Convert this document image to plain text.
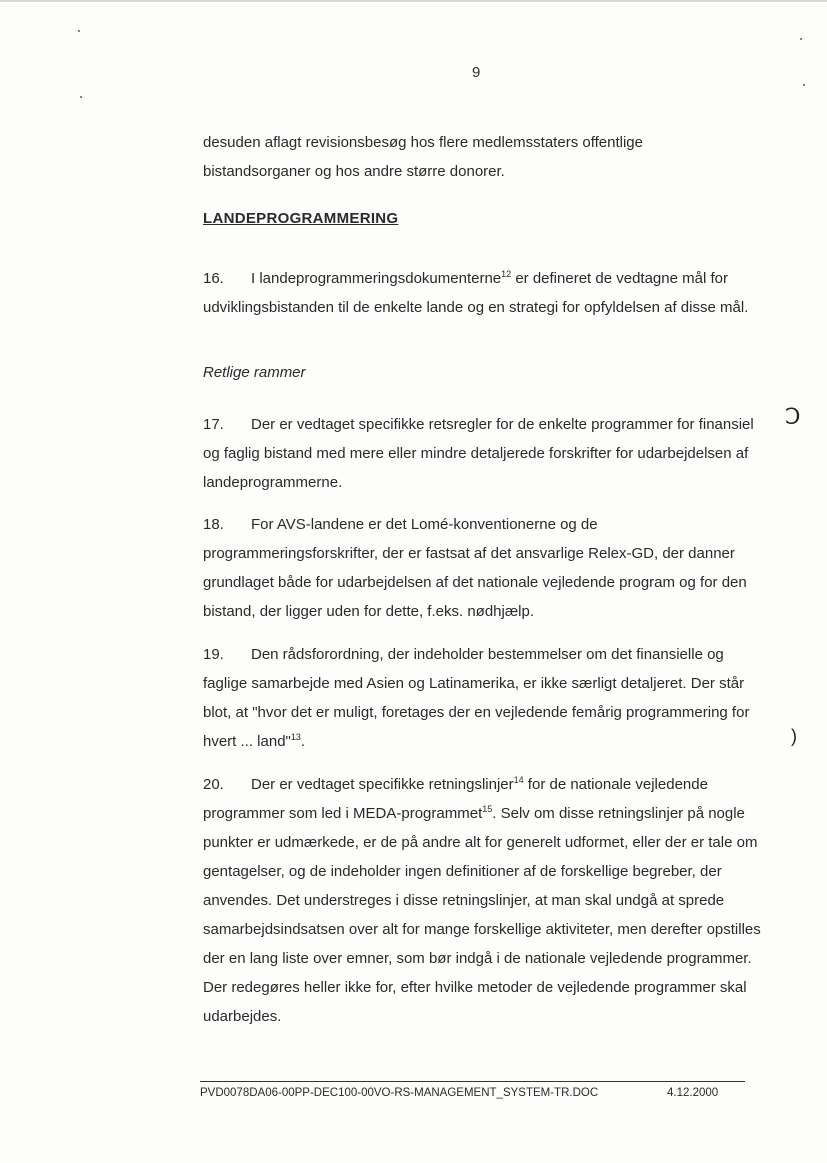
9

desuden aflagt revisionsbesøg hos flere medlemsstaters offentlige
bistandsorganer og hos andre større donorer.

LANDEPROGRAMMERING

16. I landeprogrammeringsdokumenterne$^{12}$ er defineret de vedtagne mål for udviklingsbistanden til de enkelte lande og en strategi for opfyldelsen af disse mål.

Retlige rammer

17. Der er vedtaget specifikke retsregler for de enkelte programmer for finansiel og faglig bistand med mere eller mindre detaljerede forskrifter for udarbejdelsen af landeprogrammerne.

18. For AVS-landene er det Lomé-konventionerne og de programmeringsforskrifter, der er fastsat af det ansvarlige Relex-GD, der danner grundlaget både for udarbejdelsen af det nationale vejledende program og for den bistand, der ligger uden for dette, f.eks. nødhjælp.

19. Den rådsforordning, der indeholder bestemmelser om det finansielle og faglige samarbejde med Asien og Latinamerika, er ikke særligt detaljeret. Der står blot, at "hvor det er muligt, foretages der en vejledende femårig programmering for hvert ... land"$^{13}$.

20. Der er vedtaget specifikke retningslinjer$^{14}$ for de nationale vejledende programmer som led i MEDA-programmet$^{15}$. Selv om disse retningslinjer på nogle punkter er udmærkede, er de på andre alt for generelt udformet, eller der er tale om gentagelser, og de indeholder ingen definitioner af de forskellige begreber, der anvendes. Det understreges i disse retningslinjer, at man skal undgå at sprede samarbejdsindsatsen over alt for mange forskellige aktiviteter, men derefter opstilles der en lang liste over emner, som bør indgå i de nationale vejledende programmer. Der redegøres heller ikke for, efter hvilke metoder de vejledende programmer skal udarbejdes.

Ↄ
)
PVD0078DA06-00PP-DEC100-00VO-RS-MANAGEMENT_SYSTEM-TR.DOC	4.12.2000
